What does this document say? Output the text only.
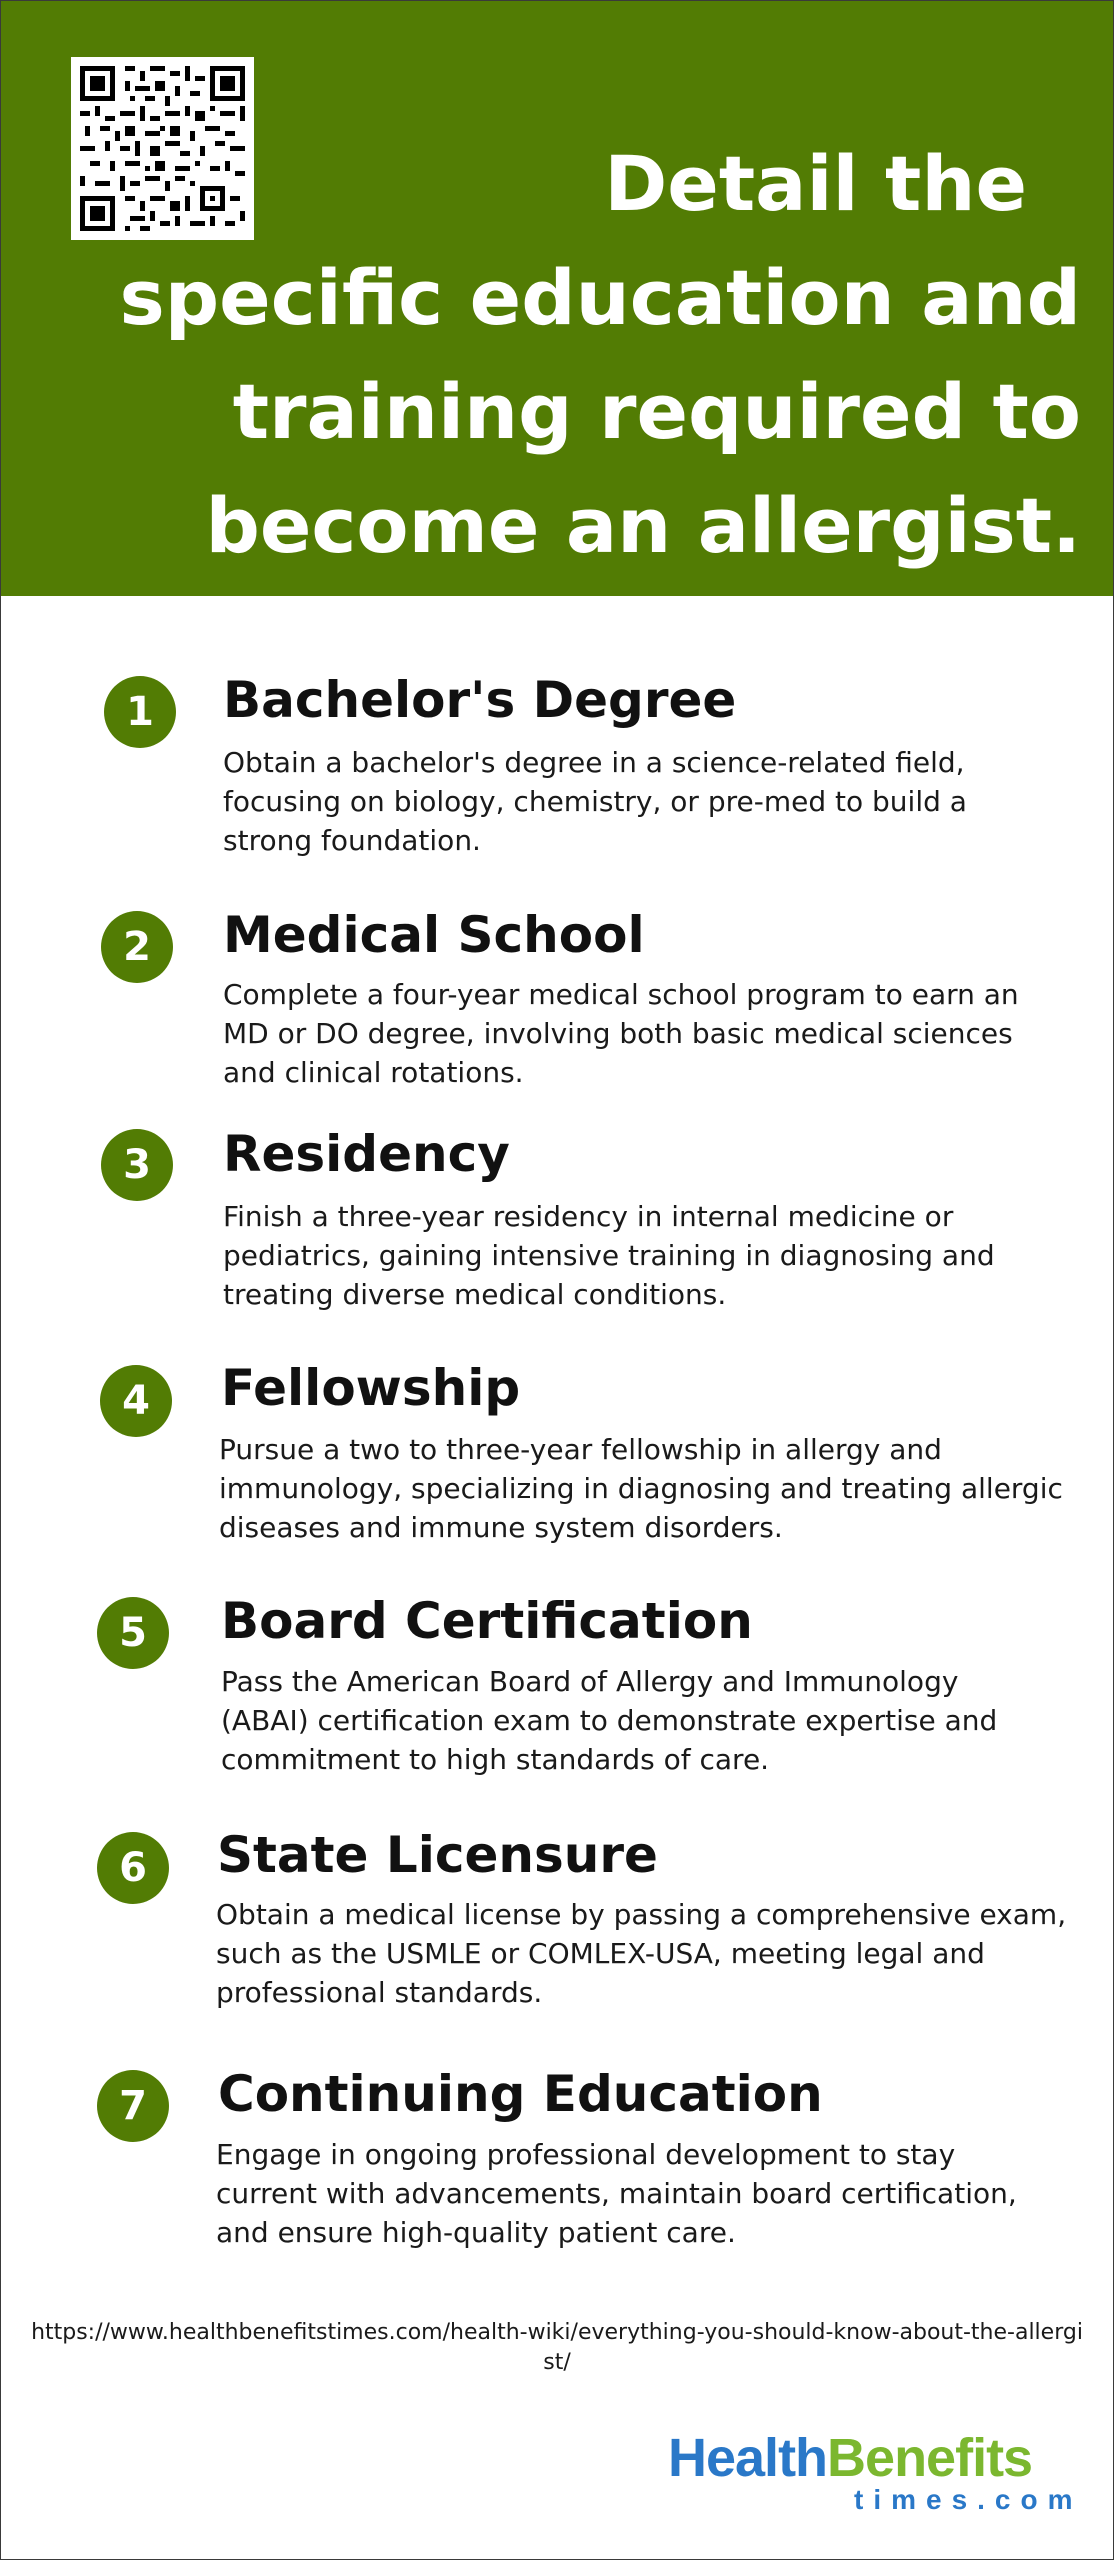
Detail the
specific education and
training required to
become an allergist.
1	Bachelor's Degree

Obtain a bachelor's degree in a science-related field,
focusing on biology, chemistry, or pre-med to build a
strong foundation.

2	Medical School

Complete a four-year medical school program to earn an
MD or DO degree, involving both basic medical sciences
and clinical rotations.

3	Residency

Finish a three-year residency in internal medicine or
pediatrics, gaining intensive training in diagnosing and
treating diverse medical conditions.

4	Fellowship

Pursue a two to three-year fellowship in allergy and
immunology, specializing in diagnosing and treating allergic
diseases and immune system disorders.

5	Board Certification

Pass the American Board of Allergy and Immunology
(ABAI) certification exam to demonstrate expertise and
commitment to high standards of care.

6	State Licensure

Obtain a medical license by passing a comprehensive exam,
such as the USMLE or COMLEX-USA, meeting legal and
professional standards.

7	Continuing Education

Engage in ongoing professional development to stay
current with advancements, maintain board certification,
and ensure high-quality patient care.

https://www.healthbenefitstimes.com/health-wiki/everything-you-should-know-about-the-allergist/

HealthBenefits
times.com
